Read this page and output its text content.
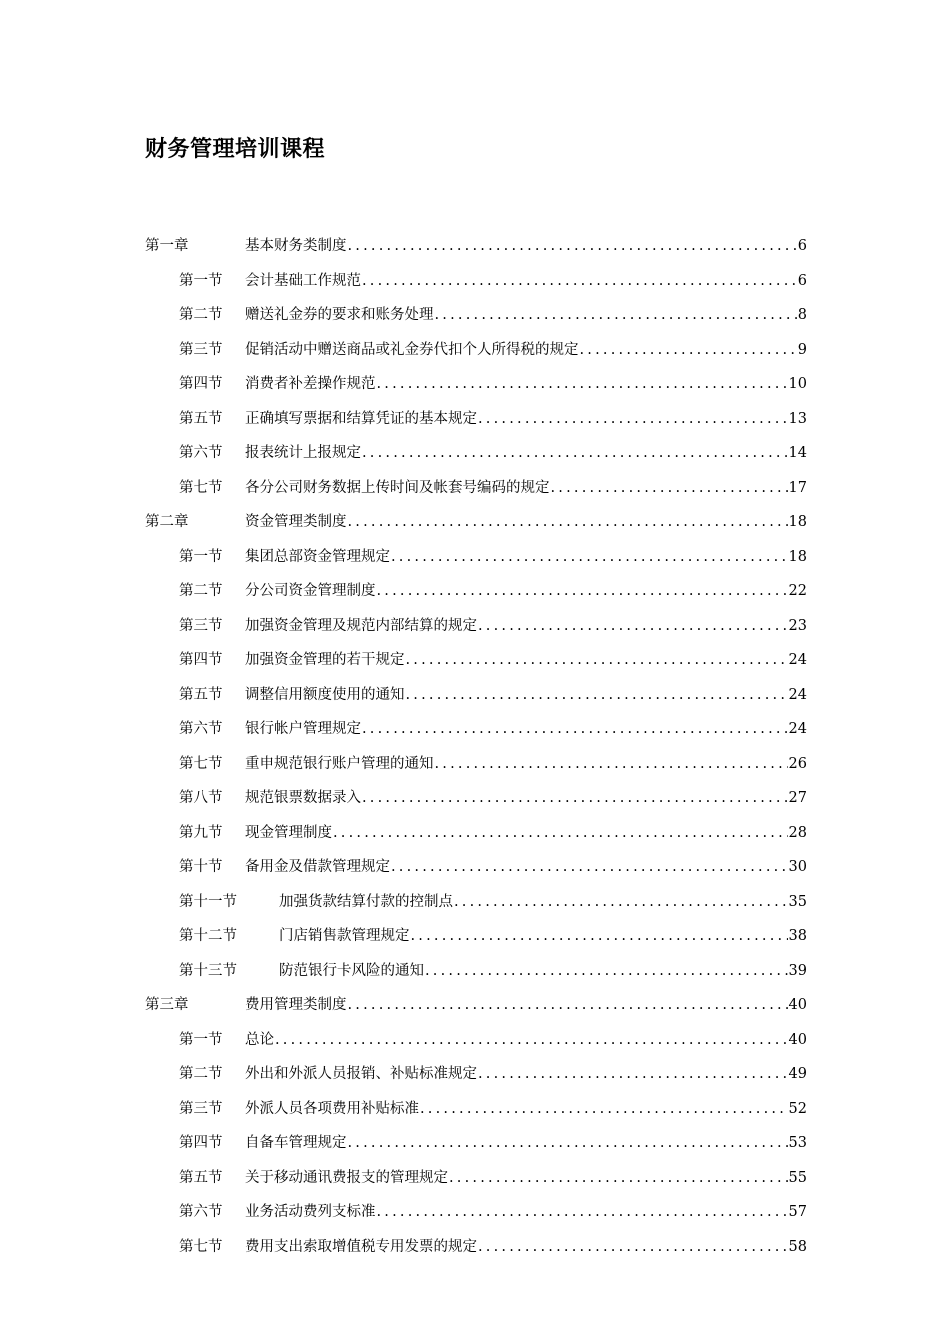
财务管理培训课程
第一章	基本财务类制度 .....	6
第一节	会计基础工作规范 .....	6
第二节	赠送礼金券的要求和账务处理 .....	8
第三节	促销活动中赠送商品或礼金券代扣个人所得税的规定 .....	9
第四节	消费者补差操作规范 .....	10
第五节	正确填写票据和结算凭证的基本规定 .....	13
第六节	报表统计上报规定 .....	14
第七节	各分公司财务数据上传时间及帐套号编码的规定 .....	17
第二章	资金管理类制度 .....	18
第一节	集团总部资金管理规定 .....	18
第二节	分公司资金管理制度 .....	22
第三节	加强资金管理及规范内部结算的规定 .....	23
第四节	加强资金管理的若干规定 .....	24
第五节	调整信用额度使用的通知 .....	24
第六节	银行帐户管理规定 .....	24
第七节	重申规范银行账户管理的通知 .....	26
第八节	规范银票数据录入 .....	27
第九节	现金管理制度 .....	28
第十节	备用金及借款管理规定 .....	30
第十一节	加强货款结算付款的控制点 .....	35
第十二节	门店销售款管理规定 .....	38
第十三节	防范银行卡风险的通知 .....	39
第三章	费用管理类制度 .....	40
第一节	总论 .....	40
第二节	外出和外派人员报销、补贴标准规定 .....	49
第三节	外派人员各项费用补贴标准 .....	52
第四节	自备车管理规定 .....	53
第五节	关于移动通讯费报支的管理规定 .....	55
第六节	业务活动费列支标准 .....	57
第七节	费用支出索取增值税专用发票的规定 .....	58
